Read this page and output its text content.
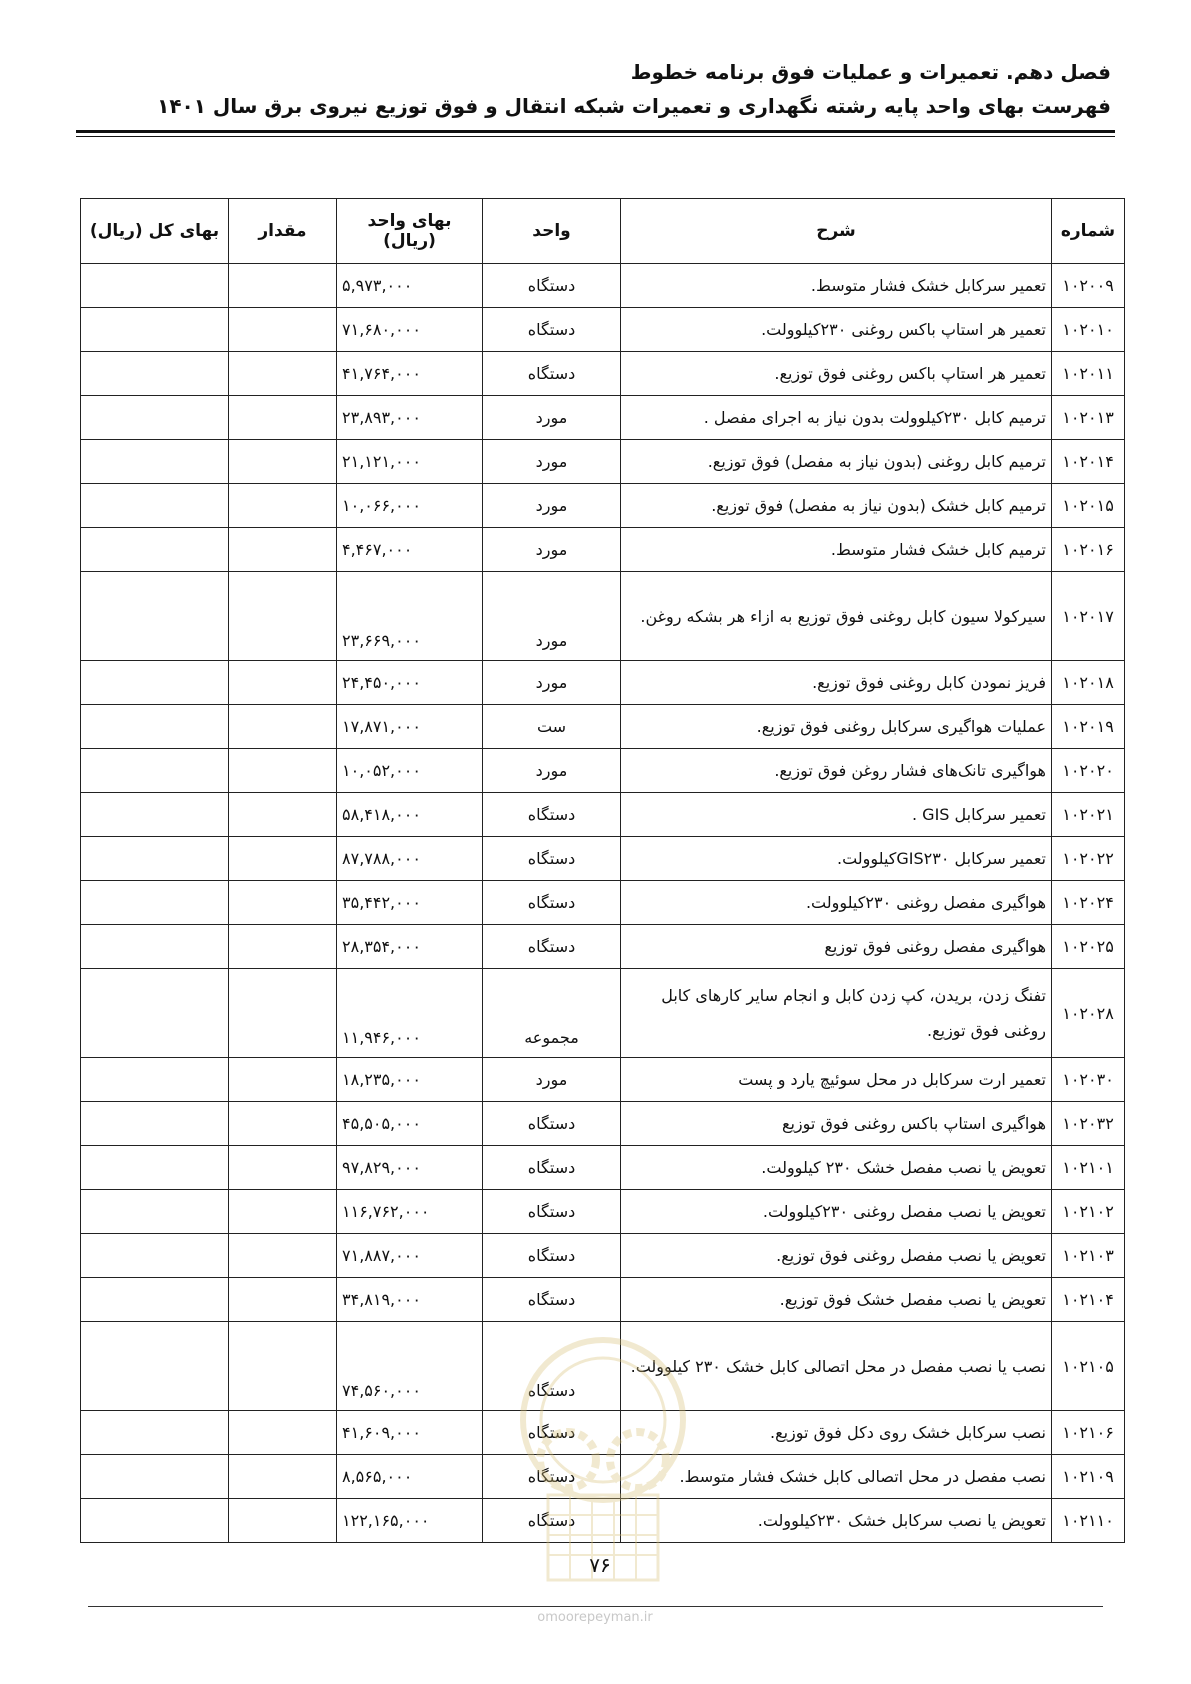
فصل دهم. تعمیرات و عملیات فوق برنامه خطوط
فهرست بهای واحد پایه رشته نگهداری و تعمیرات شبکه انتقال و فوق توزیع نیروی برق سال ۱۴۰۱
شماره	شرح	واحد	بهای واحد (ریال)	مقدار	بهای کل (ریال)
۱۰۲۰۰۹	تعمیر سرکابل خشک فشار متوسط.	دستگاه	۵,۹۷۳,۰۰۰		
۱۰۲۰۱۰	تعمیر هر استاپ باکس روغنی ۲۳۰کیلوولت.	دستگاه	۷۱,۶۸۰,۰۰۰		
۱۰۲۰۱۱	تعمیر هر استاپ باکس روغنی فوق توزیع.	دستگاه	۴۱,۷۶۴,۰۰۰		
۱۰۲۰۱۳	ترمیم کابل ۲۳۰کیلوولت بدون نیاز به اجرای مفصل .	مورد	۲۳,۸۹۳,۰۰۰		
۱۰۲۰۱۴	ترمیم کابل روغنی (بدون نیاز به مفصل) فوق توزیع.	مورد	۲۱,۱۲۱,۰۰۰		
۱۰۲۰۱۵	ترمیم کابل خشک (بدون نیاز به مفصل) فوق توزیع.	مورد	۱۰,۰۶۶,۰۰۰		
۱۰۲۰۱۶	ترمیم کابل خشک فشار متوسط.	مورد	۴,۴۶۷,۰۰۰		
۱۰۲۰۱۷	سیرکولا سیون کابل روغنی فوق توزیع به ازاء هر بشکه روغن.	مورد	۲۳,۶۶۹,۰۰۰		
۱۰۲۰۱۸	فریز نمودن کابل روغنی فوق توزیع.	مورد	۲۴,۴۵۰,۰۰۰		
۱۰۲۰۱۹	عملیات هواگیری سرکابل روغنی فوق توزیع.	ست	۱۷,۸۷۱,۰۰۰		
۱۰۲۰۲۰	هواگیری تانک‌های فشار روغن فوق توزیع.	مورد	۱۰,۰۵۲,۰۰۰		
۱۰۲۰۲۱	تعمیر سرکابل GIS .	دستگاه	۵۸,۴۱۸,۰۰۰		
۱۰۲۰۲۲	تعمیر سرکابل GIS۲۳۰کیلوولت.	دستگاه	۸۷,۷۸۸,۰۰۰		
۱۰۲۰۲۴	هواگیری مفصل روغنی ۲۳۰کیلوولت.	دستگاه	۳۵,۴۴۲,۰۰۰		
۱۰۲۰۲۵	هواگیری مفصل روغنی فوق توزیع	دستگاه	۲۸,۳۵۴,۰۰۰		
۱۰۲۰۲۸	تفنگ زدن، بریدن، کپ زدن کابل و انجام سایر کارهای کابل روغنی فوق توزیع.	مجموعه	۱۱,۹۴۶,۰۰۰		
۱۰۲۰۳۰	تعمیر ارت سرکابل در محل سوئیچ یارد و پست	مورد	۱۸,۲۳۵,۰۰۰		
۱۰۲۰۳۲	هواگیری استاپ باکس روغنی فوق توزیع	دستگاه	۴۵,۵۰۵,۰۰۰		
۱۰۲۱۰۱	تعویض یا نصب مفصل خشک ۲۳۰ کیلوولت.	دستگاه	۹۷,۸۲۹,۰۰۰		
۱۰۲۱۰۲	تعویض یا نصب مفصل روغنی ۲۳۰کیلوولت.	دستگاه	۱۱۶,۷۶۲,۰۰۰		
۱۰۲۱۰۳	تعویض یا نصب مفصل روغنی فوق توزیع.	دستگاه	۷۱,۸۸۷,۰۰۰		
۱۰۲۱۰۴	تعویض یا نصب مفصل خشک فوق توزیع.	دستگاه	۳۴,۸۱۹,۰۰۰		
۱۰۲۱۰۵	نصب یا نصب مفصل در محل اتصالی کابل خشک ۲۳۰ کیلوولت.	دستگاه	۷۴,۵۶۰,۰۰۰		
۱۰۲۱۰۶	نصب سرکابل خشک روی دکل فوق توزیع.	دستگاه	۴۱,۶۰۹,۰۰۰		
۱۰۲۱۰۹	نصب مفصل در محل اتصالی کابل خشک فشار متوسط.	دستگاه	۸,۵۶۵,۰۰۰		
۱۰۲۱۱۰	تعویض یا نصب سرکابل خشک ۲۳۰کیلوولت.	دستگاه	۱۲۲,۱۶۵,۰۰۰		
۷۶
omoorepeyman.ir
